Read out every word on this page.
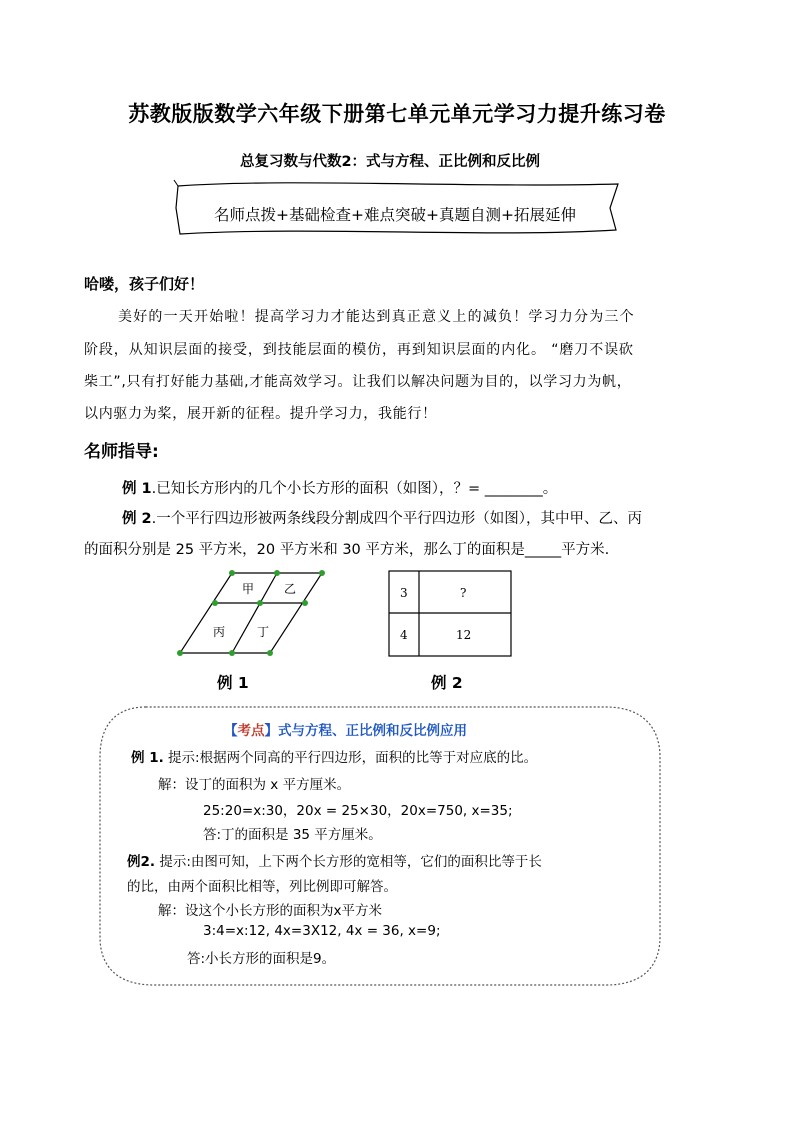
苏教版版数学六年级下册第七单元单元学习力提升练习卷
总复习数与代数2：式与方程、正比例和反比例
名师点拨+基础检查+难点突破+真题自测+拓展延伸
哈喽，孩子们好！
美好的一天开始啦！提高学习力才能达到真正意义上的减负！学习力分为三个
阶段，从知识层面的接受，到技能层面的模仿，再到知识层面的内化。 “磨刀不误砍
柴工”,只有打好能力基础,才能高效学习。让我们以解决问题为目的，以学习力为帆，
以内驱力为桨，展开新的征程。提升学习力，我能行！
名师指导:
例 1.已知长方形内的几个小长方形的面积（如图），？= ________。
例 2.一个平行四边形被两条线段分割成四个平行四边形（如图），其中甲、乙、丙
的面积分别是 25 平方米，20 平方米和 30 平方米，那么丁的面积是_____平方米.
甲 乙
丙	丁
3	?
4	12
例 1	例 2
【考点】式与方程、正比例和反比例应用
例 1. 提示:根据两个同高的平行四边形，面积的比等于对应底的比。
解：设丁的面积为 x 平方厘米。
25:20=x:30，20x = 25×30，20x=750, x=35;
答:丁的面积是 35 平方厘米。
例2. 提示:由图可知，上下两个长方形的宽相等，它们的面积比等于长
的比，由两个面积比相等，列比例即可解答。
解：设这个小长方形的面积为x平方米
3:4=x:12, 4x=3X12, 4x = 36, x=9;
答:小长方形的面积是9。
